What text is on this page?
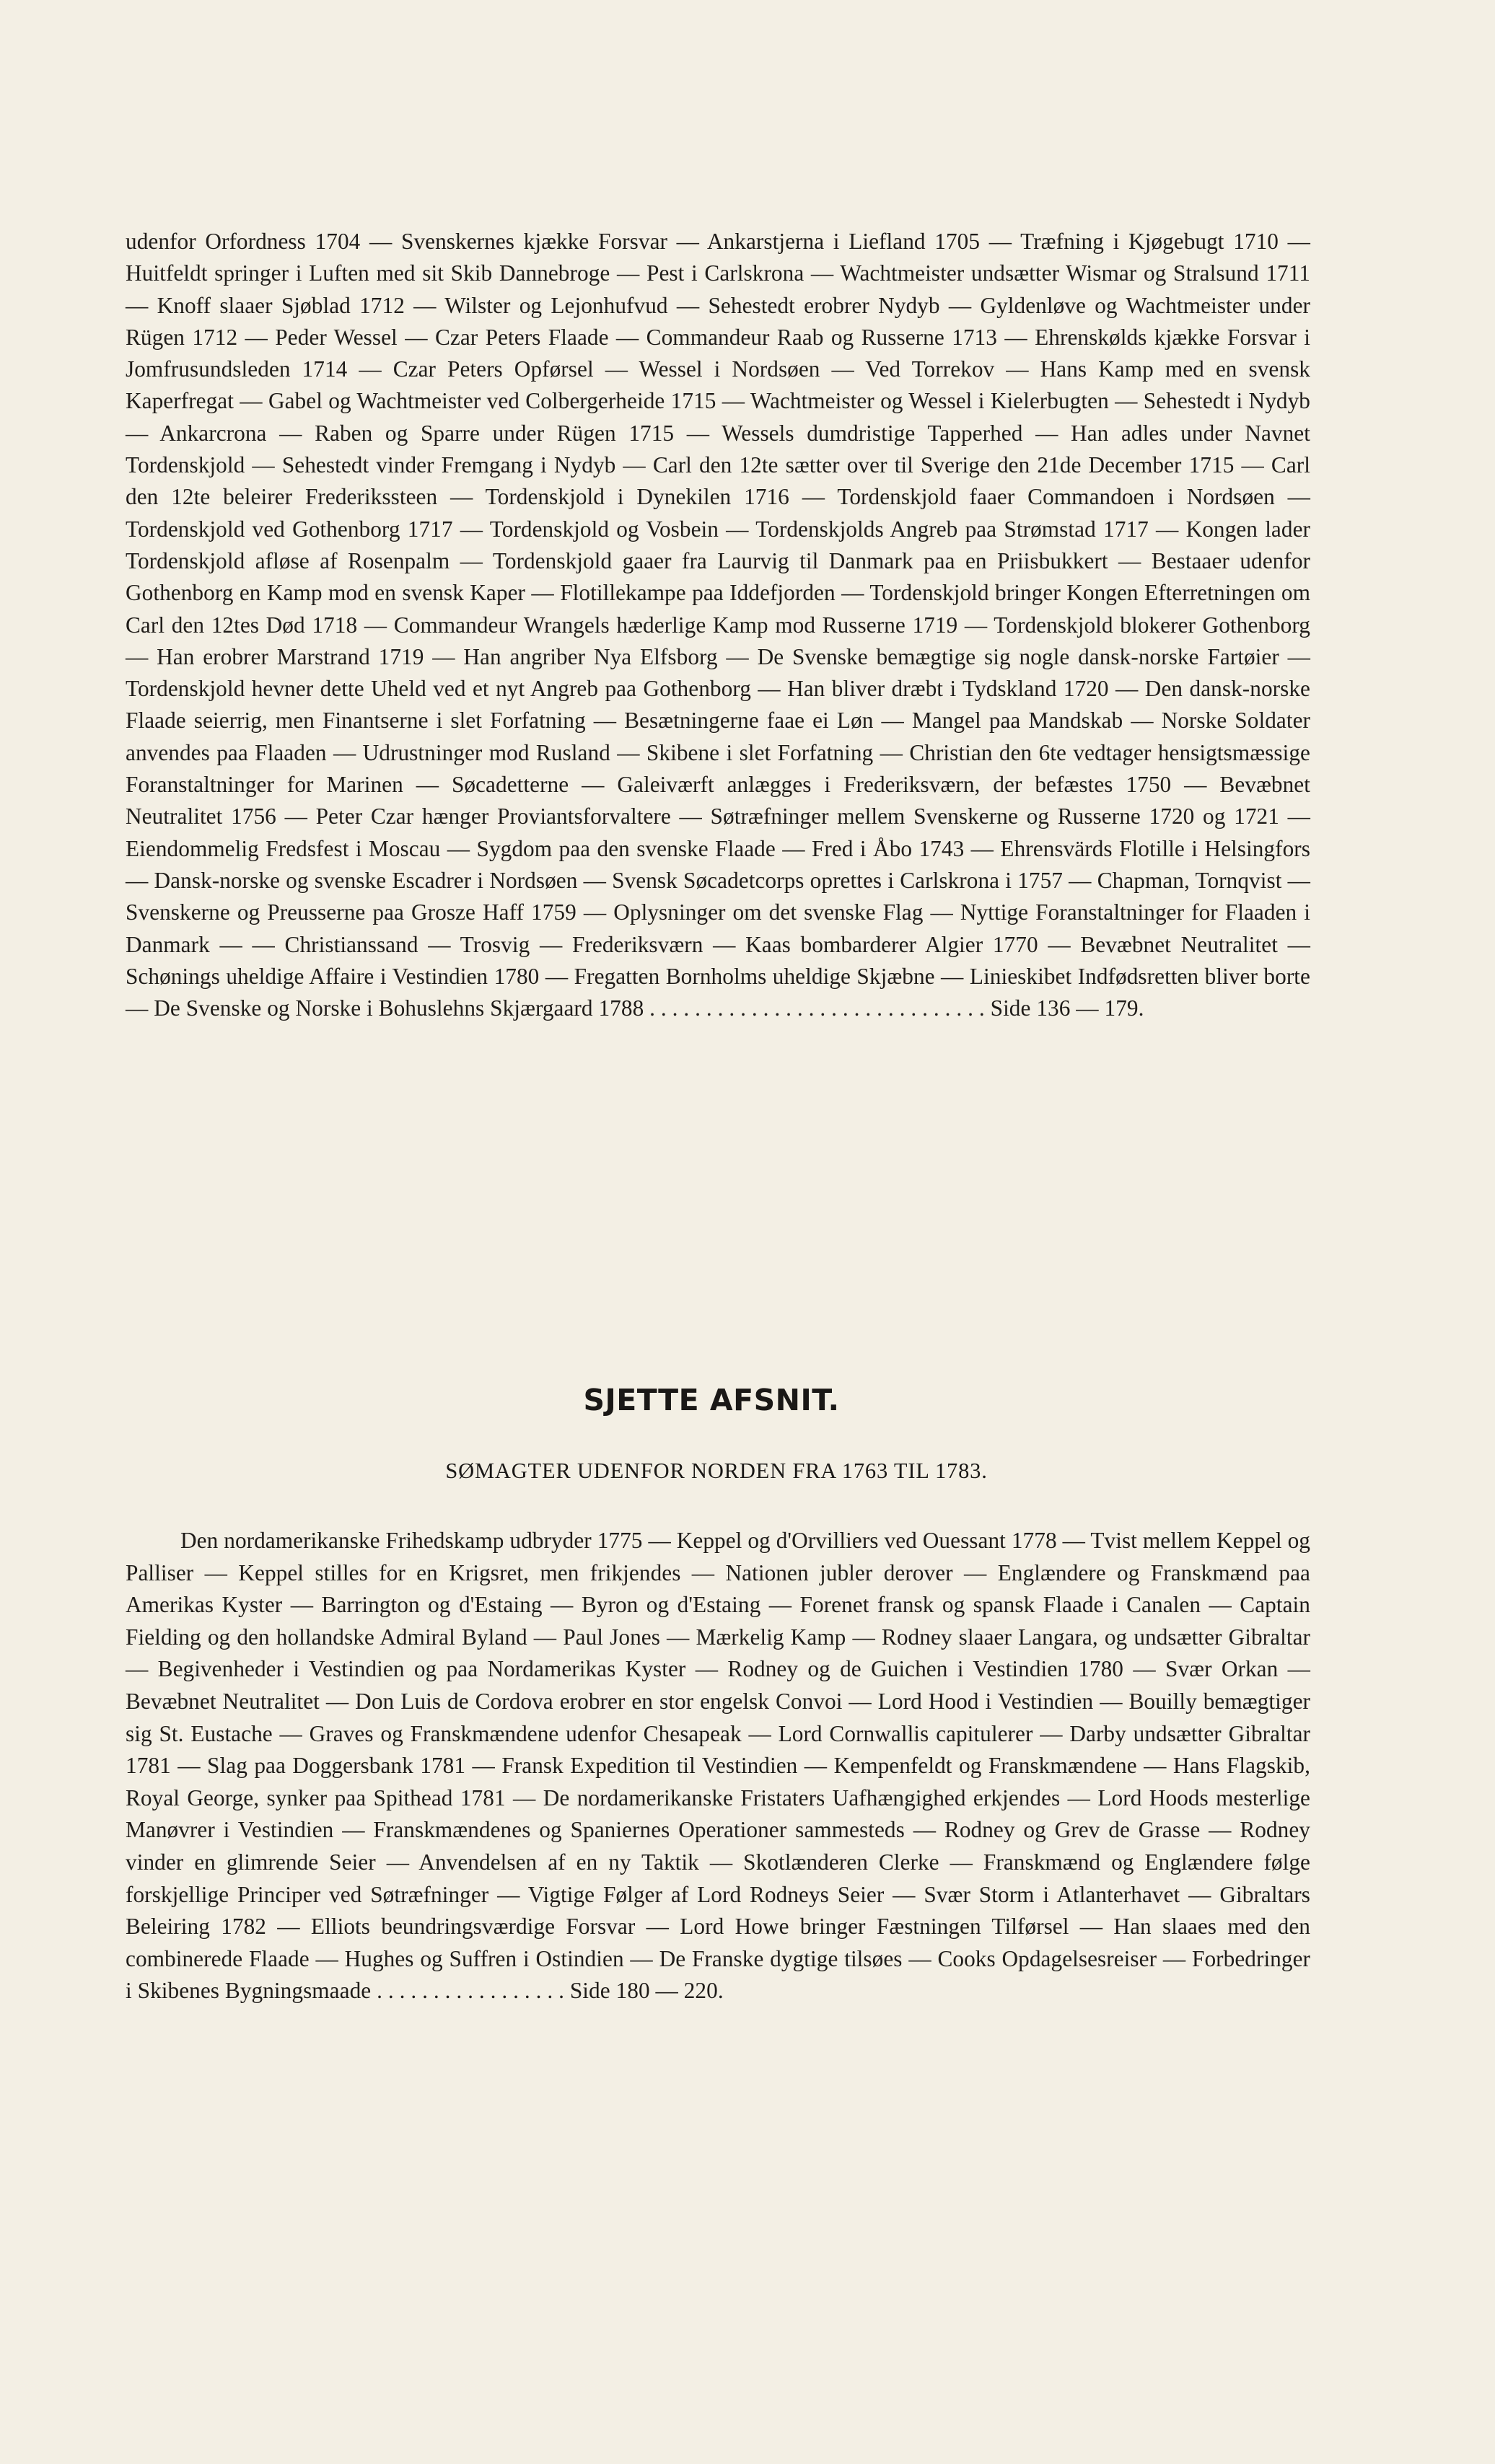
udenfor Orfordness 1704 — Svenskernes kjække Forsvar — Ankarstjerna i Liefland 1705 — Træfning i Kjøgebugt 1710 — Huitfeldt springer i Luften med sit Skib Dannebroge — Pest i Carlskrona — Wachtmeister undsætter Wismar og Stralsund 1711 — Knoff slaaer Sjøblad 1712 — Wilster og Lejonhufvud — Sehestedt erobrer Nydyb — Gyldenløve og Wachtmeister under Rügen 1712 — Peder Wessel — Czar Peters Flaade — Commandeur Raab og Russerne 1713 — Ehrenskølds kjække Forsvar i Jomfrusundsleden 1714 — Czar Peters Opførsel — Wessel i Nordsøen — Ved Torrekov — Hans Kamp med en svensk Kaperfregat — Gabel og Wachtmeister ved Colbergerheide 1715 — Wachtmeister og Wessel i Kielerbugten — Sehestedt i Nydyb — Ankarcrona — Raben og Sparre under Rügen 1715 — Wessels dumdristige Tapperhed — Han adles under Navnet Tordenskjold — Sehestedt vinder Fremgang i Nydyb — Carl den 12te sætter over til Sverige den 21de December 1715 — Carl den 12te beleirer Frederikssteen — Tordenskjold i Dynekilen 1716 — Tordenskjold faaer Commandoen i Nordsøen — Tordenskjold ved Gothenborg 1717 — Tordenskjold og Vosbein — Tordenskjolds Angreb paa Strømstad 1717 — Kongen lader Tordenskjold afløse af Rosenpalm — Tordenskjold gaaer fra Laurvig til Danmark paa en Priisbukkert — Bestaaer udenfor Gothenborg en Kamp mod en svensk Kaper — Flotillekampe paa Iddefjorden — Tordenskjold bringer Kongen Efterretningen om Carl den 12tes Død 1718 — Commandeur Wrangels hæderlige Kamp mod Russerne 1719 — Tordenskjold blokerer Gothenborg — Han erobrer Marstrand 1719 — Han angriber Nya Elfsborg — De Svenske bemægtige sig nogle dansk-norske Fartøier — Tordenskjold hevner dette Uheld ved et nyt Angreb paa Gothenborg — Han bliver dræbt i Tydskland 1720 — Den dansk-norske Flaade seierrig, men Finantserne i slet Forfatning — Besætningerne faae ei Løn — Mangel paa Mandskab — Norske Soldater anvendes paa Flaaden — Udrustninger mod Rusland — Skibene i slet Forfatning — Christian den 6te vedtager hensigtsmæssige Foranstaltninger for Marinen — Søcadetterne — Galeiværft anlægges i Frederiksværn, der befæstes 1750 — Bevæbnet Neutralitet 1756 — Peter Czar hænger Proviantsforvaltere — Søtræfninger mellem Svenskerne og Russerne 1720 og 1721 — Eiendommelig Fredsfest i Moscau — Sygdom paa den svenske Flaade — Fred i Åbo 1743 — Ehrensvärds Flotille i Helsingfors — Dansk-norske og svenske Escadrer i Nordsøen — Svensk Søcadetcorps oprettes i Carlskrona i 1757 — Chapman, Tornqvist — Svenskerne og Preusserne paa Grosze Haff 1759 — Oplysninger om det svenske Flag — Nyttige Foranstaltninger for Flaaden i Danmark — — Christianssand — Trosvig — Frederiksværn — Kaas bombarderer Algier 1770 — Bevæbnet Neutralitet — Schønings uheldige Affaire i Vestindien 1780 — Fregatten Bornholms uheldige Skjæbne — Linieskibet Indfødsretten bliver borte — De Svenske og Norske i Bohuslehns Skjærgaard 1788 . . . . . . . . . . . . . . . . . . . . . . . . . . . . . . Side 136 — 179.

SJETTE AFSNIT.
SØMAGTER UDENFOR NORDEN FRA 1763 TIL 1783.

Den nordamerikanske Frihedskamp udbryder 1775 — Keppel og d'Orvilliers ved Ouessant 1778 — Tvist mellem Keppel og Palliser — Keppel stilles for en Krigsret, men frikjendes — Nationen jubler derover — Englændere og Franskmænd paa Amerikas Kyster — Barrington og d'Estaing — Byron og d'Estaing — Forenet fransk og spansk Flaade i Canalen — Captain Fielding og den hollandske Admiral Byland — Paul Jones — Mærkelig Kamp — Rodney slaaer Langara, og undsætter Gibraltar — Begivenheder i Vestindien og paa Nordamerikas Kyster — Rodney og de Guichen i Vestindien 1780 — Svær Orkan — Bevæbnet Neutralitet — Don Luis de Cordova erobrer en stor engelsk Convoi — Lord Hood i Vestindien — Bouilly bemægtiger sig St. Eustache — Graves og Franskmændene udenfor Chesapeak — Lord Cornwallis capitulerer — Darby undsætter Gibraltar 1781 — Slag paa Doggersbank 1781 — Fransk Expedition til Vestindien — Kempenfeldt og Franskmændene — Hans Flagskib, Royal George, synker paa Spithead 1781 — De nordamerikanske Fristaters Uafhængighed erkjendes — Lord Hoods mesterlige Manøvrer i Vestindien — Franskmændenes og Spaniernes Operationer sammesteds — Rodney og Grev de Grasse — Rodney vinder en glimrende Seier — Anvendelsen af en ny Taktik — Skotlænderen Clerke — Franskmænd og Englændere følge forskjellige Principer ved Søtræfninger — Vigtige Følger af Lord Rodneys Seier — Svær Storm i Atlanterhavet — Gibraltars Beleiring 1782 — Elliots beundringsværdige Forsvar — Lord Howe bringer Fæstningen Tilførsel — Han slaaes med den combinerede Flaade — Hughes og Suffren i Ostindien — De Franske dygtige tilsøes — Cooks Opdagelsesreiser — Forbedringer i Skibenes Bygningsmaade . . . . . . . . . . . . . . . . . Side 180 — 220.
